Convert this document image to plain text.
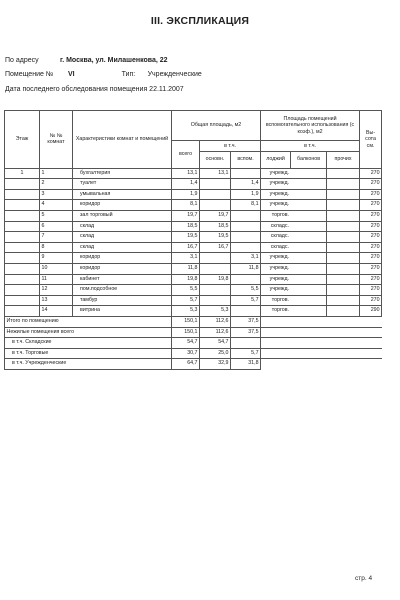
III. ЭКСПЛИКАЦИЯ
По адресу	г. Москва, ул. Милашенкова, 22
Помещение № VI	Тип: Учрежденческие
Дата последнего обследования помещения 22.11.2007
Этаж	№ № комнат	Характеристики комнат и помещений	Общая площадь, м2			Площадь помещений вспомогательного использования (с коэф.), м2			Вы-сота см.
			всего	в т.ч.		в т.ч.			
				основн.	вспом.	лоджий	балконов	прочих	
1	1	бухгалтерия	13,1	13,1		учрежд.			270
	2	туалет	1,4		1,4	учрежд.			270
	3	умывальная	1,9		1,9	учрежд.			270
	4	коридор	8,1		8,1	учрежд.			270
	5	зал торговый	19,7	19,7		торгов.			270
	6	склад	18,5	18,5		складс.			270
	7	склад	19,5	19,5		складс.			270
	8	склад	16,7	16,7		складс.			270
	9	коридор	3,1		3,1	учрежд.			270
	10	коридор	11,8		11,8	учрежд.			270
	11	кабинет	19,8	19,8		учрежд.			270
	12	пом.подсобное	5,5		5,5	учрежд.			270
	13	тамбур	5,7		5,7	торгов.			270
	14	витрина	5,3	5,3		торгов.			290
Итого по помещению			150,1	112,6	37,5				
Нежилые помещения всего			150,1	112,6	37,5				
в т.ч. Складские			54,7	54,7					
в т.ч. Торговые			30,7	25,0	5,7				
в т.ч. Учрежденческие			64,7	32,9	31,8				
стр. 4
